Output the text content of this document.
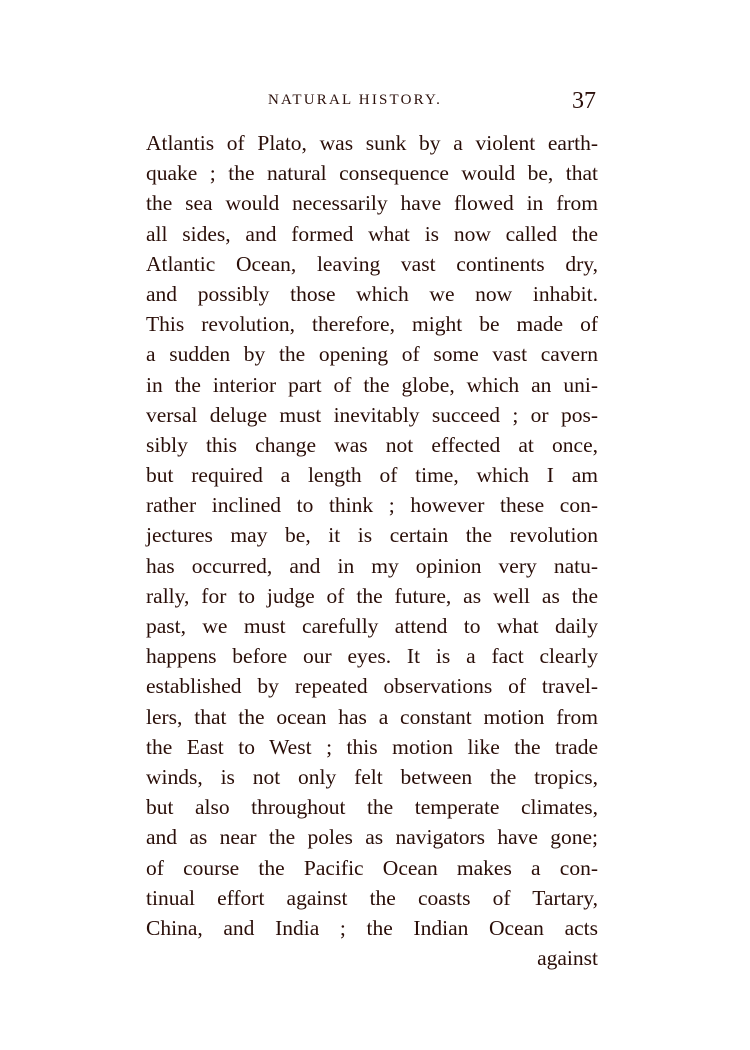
NATURAL HISTORY.	37
Atlantis of Plato, was sunk by a violent earth-
quake ; the natural consequence would be, that
the sea would necessarily have flowed in from
all sides, and formed what is now called the
Atlantic Ocean, leaving vast continents dry,
and possibly those which we now inhabit.
This revolution, therefore, might be made of
a sudden by the opening of some vast cavern
in the interior part of the globe, which an uni-
versal deluge must inevitably succeed ; or pos-
sibly this change was not effected at once,
but required a length of time, which I am
rather inclined to think ; however these con-
jectures may be, it is certain the revolution
has occurred, and in my opinion very natu-
rally, for to judge of the future, as well as the
past, we must carefully attend to what daily
happens before our eyes. It is a fact clearly
established by repeated observations of travel-
lers, that the ocean has a constant motion from
the East to West ; this motion like the trade
winds, is not only felt between the tropics,
but also throughout the temperate climates,
and as near the poles as navigators have gone;
of course the Pacific Ocean makes a con-
tinual effort against the coasts of Tartary,
China, and India ; the Indian Ocean acts
against
